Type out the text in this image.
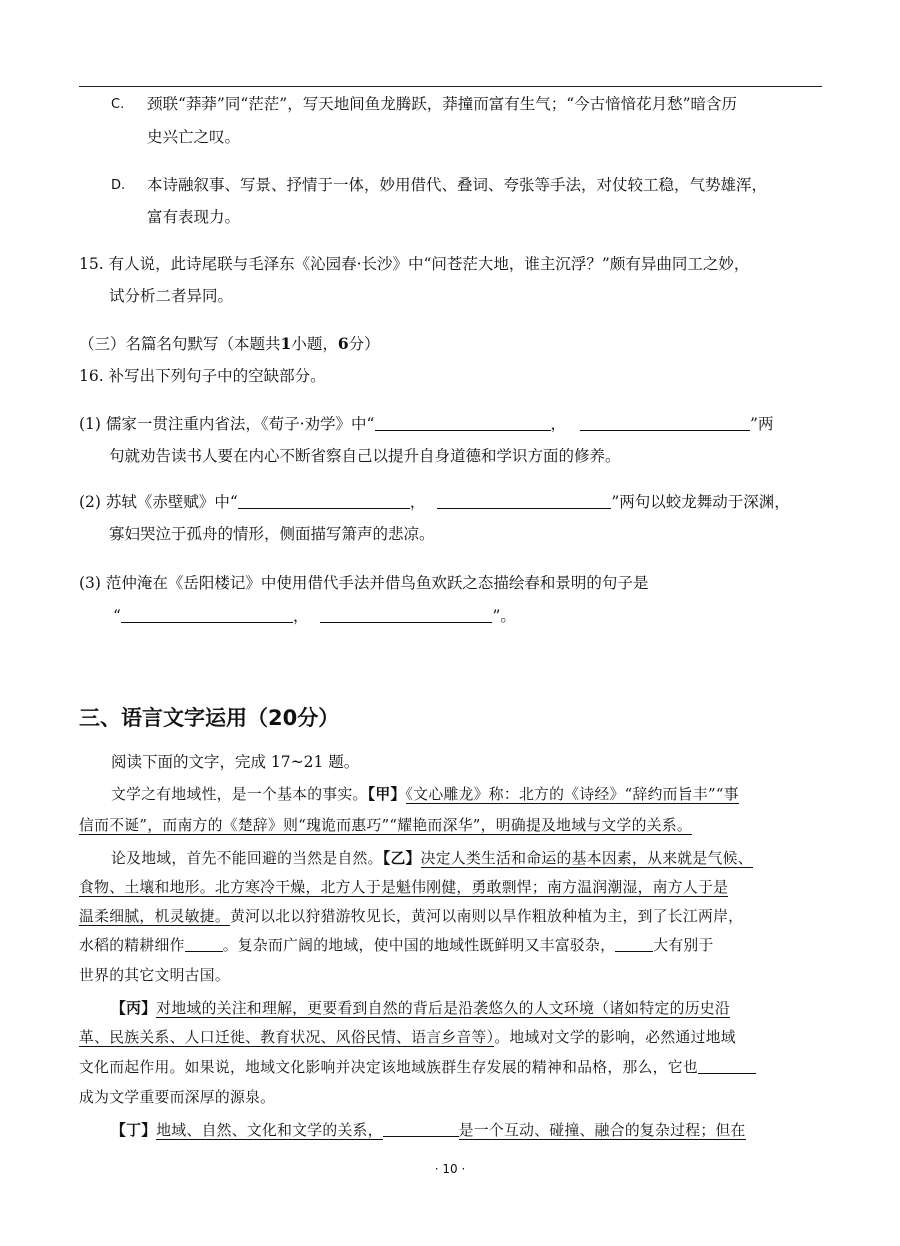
C. 颈联“莽莽”同“茫茫”，写天地间鱼龙腾跃，莽撞而富有生气；“今古愔愔花月愁”暗含历
史兴亡之叹。
D. 本诗融叙事、写景、抒情于一体，妙用借代、叠词、夸张等手法，对仗较工稳，气势雄浑，
富有表现力。
15. 有人说，此诗尾联与毛泽东《沁园春·长沙》中“问苍茫大地，谁主沉浮？”颇有异曲同工之妙，
试分析二者异同。
（三）名篇名句默写（本题共1小题，6分）
16. 补写出下列句子中的空缺部分。
(1) 儒家一贯注重内省法，《荀子·劝学》中“	，	”两
句就劝告读书人要在内心不断省察自己以提升自身道德和学识方面的修养。
(2) 苏轼《赤壁赋》中“	，	”两句以蛟龙舞动于深渊，
寡妇哭泣于孤舟的情形，侧面描写箫声的悲凉。
(3) 范仲淹在《岳阳楼记》中使用借代手法并借鸟鱼欢跃之态描绘春和景明的句子是
“	，	”。
三、语言文字运用（20分）
阅读下面的文字，完成 17~21 题。
文学之有地域性，是一个基本的事实。【甲】《文心雕龙》称：北方的《诗经》“辞约而旨丰”“事
信而不诞”，而南方的《楚辞》则“瑰诡而惠巧”“耀艳而深华”，明确提及地域与文学的关系。
论及地域，首先不能回避的当然是自然。【乙】决定人类生活和命运的基本因素，从来就是气候、
食物、土壤和地形。北方寒冷干燥，北方人于是魁伟刚健，勇敢剽悍；南方温润潮湿，南方人于是
温柔细腻，机灵敏捷。黄河以北以狩猎游牧见长，黄河以南则以旱作粗放种植为主，到了长江两岸，
水稻的精耕细作	。复杂而广阔的地域，使中国的地域性既鲜明又丰富驳杂，	大有别于
世界的其它文明古国。
【丙】对地域的关注和理解，更要看到自然的背后是沿袭悠久的人文环境（诸如特定的历史沿
革、民族关系、人口迁徙、教育状况、风俗民情、语言乡音等）。地域对文学的影响，必然通过地域
文化而起作用。如果说，地域文化影响并决定该地域族群生存发展的精神和品格，那么，它也
成为文学重要而深厚的源泉。
【丁】地域、自然、文化和文学的关系，	是一个互动、碰撞、融合的复杂过程；但在
· 10 ·
